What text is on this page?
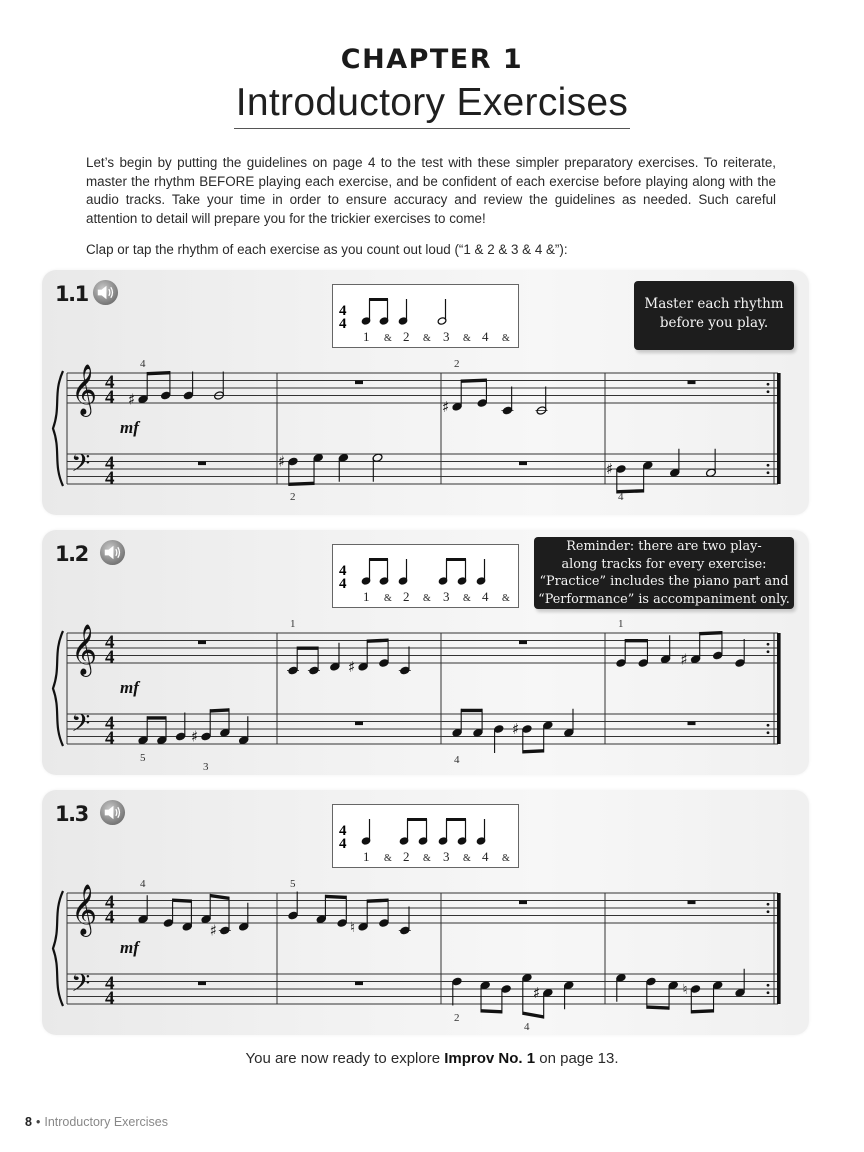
CHAPTER 1
Introductory Exercises
Let’s begin by putting the guidelines on page 4 to the test with these simpler preparatory exercises. To reiterate, master the rhythm BEFORE playing each exercise, and be confident of each exercise before playing along with the audio tracks. Take your time in order to ensure accuracy and review the guidelines as needed. Such careful attention to detail will prepare you for the trickier exercises to come!
Clap or tap the rhythm of each exercise as you count out loud (“1 & 2 & 3 & 4 &”):
1.1
4
4
1 & 2 & 3 & 4 &
Master each rhythm
before you play.
𝄞
𝄢
4
4
4
4
mf
♯
4
♯
2
♯
2
♯
4
1.2
4
4
1 & 2 & 3 & 4 &
Reminder: there are two play-
along tracks for every exercise:
“Practice” includes the piano part and
“Performance” is accompaniment only.
𝄞
𝄢
4
4
4
4
mf
♯
1
♯
1
♯
5
3
♯
4
1.3
4
4
1 & 2 & 3 & 4 &
𝄞
𝄢
4
4
4
4
mf
♯
4
♮
5
♯
2
4
♮
You are now ready to explore Improv No. 1 on page 13.
8 • Introductory Exercises
